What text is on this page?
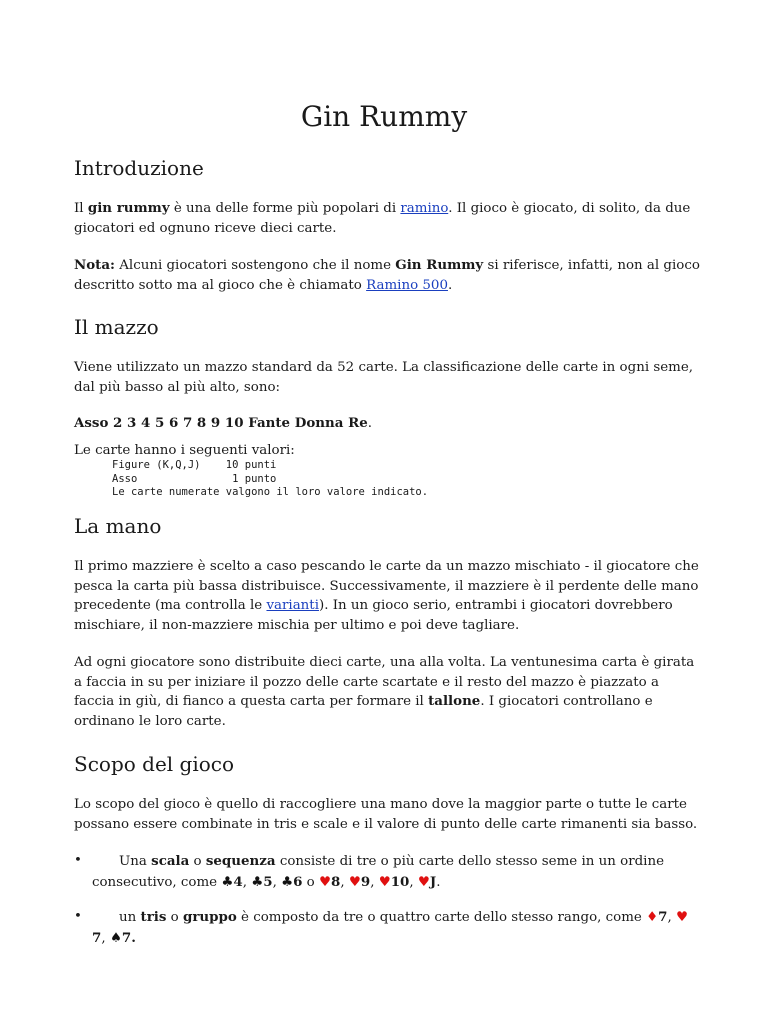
Gin Rummy
Introduzione

Il gin rummy è una delle forme più popolari di ramino. Il gioco è giocato, di solito, da due
giocatori ed ognuno riceve dieci carte.

Nota: Alcuni giocatori sostengono che il nome Gin Rummy si riferisce, infatti, non al gioco
descritto sotto ma al gioco che è chiamato Ramino 500.

Il mazzo

Viene utilizzato un mazzo standard da 52 carte. La classificazione delle carte in ogni seme,
dal più basso al più alto, sono:

Asso 2 3 4 5 6 7 8 9 10 Fante Donna Re.

Le carte hanno i seguenti valori:

Figure (K,Q,J)    10 punti
Asso               1 punto
Le carte numerate valgono il loro valore indicato.
La mano

Il primo mazziere è scelto a caso pescando le carte da un mazzo mischiato - il giocatore che
pesca la carta più bassa distribuisce. Successivamente, il mazziere è il perdente delle mano
precedente (ma controlla le varianti). In un gioco serio, entrambi i giocatori dovrebbero
mischiare, il non-mazziere mischia per ultimo e poi deve tagliare.

Ad ogni giocatore sono distribuite dieci carte, una alla volta. La ventunesima carta è girata
a faccia in su per iniziare il pozzo delle carte scartate e il resto del mazzo è piazzato a
faccia in giù, di fianco a questa carta per formare il tallone. I giocatori controllano e
ordinano le loro carte.

Scopo del gioco

Lo scopo del gioco è quello di raccogliere una mano dove la maggior parte o tutte le carte
possano essere combinate in tris e scale e il valore di punto delle carte rimanenti sia basso.

•	Una scala o sequenza consiste di tre o più carte dello stesso seme in un ordine
consecutivo, come ♣4, ♣5, ♣6 o ♥8, ♥9, ♥10, ♥J.
•	un tris o gruppo è composto da tre o quattro carte dello stesso rango, come ♦7, ♥
7, ♠7.
